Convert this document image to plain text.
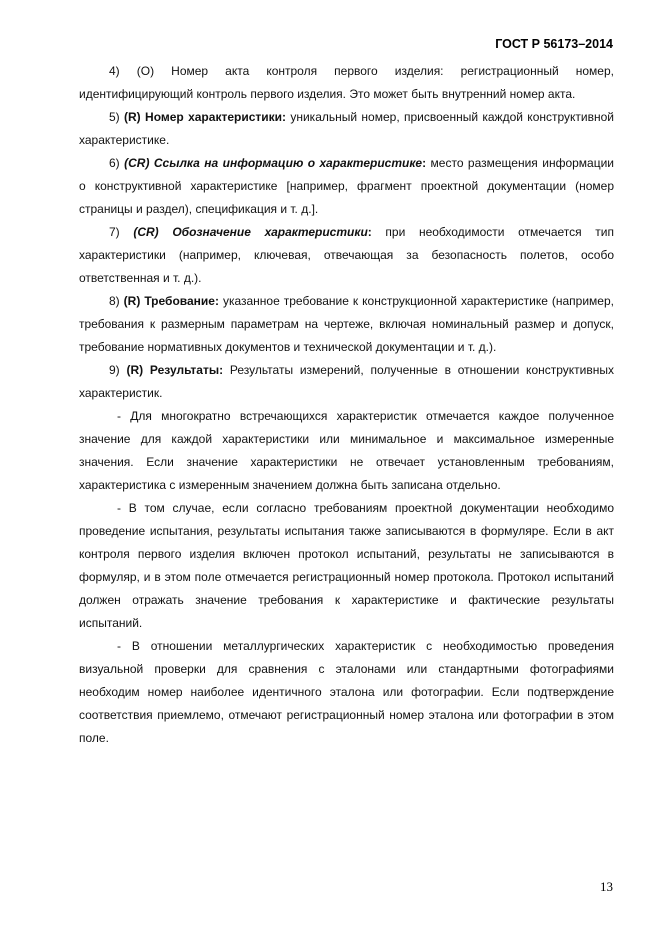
ГОСТ Р 56173–2014

4) (О) Номер акта контроля первого изделия: регистрационный номер, идентифицирующий контроль первого изделия. Это может быть внутренний номер акта.

5) (R) Номер характеристики: уникальный номер, присвоенный каждой конструктивной характеристике.

6) (CR) Ссылка на информацию о характеристике: место размещения информации о конструктивной характеристике [например, фрагмент проектной документации (номер страницы и раздел), спецификация и т. д.].

7) (CR) Обозначение характеристики: при необходимости отмечается тип характеристики (например, ключевая, отвечающая за безопасность полетов, особо ответственная и т. д.).

8) (R) Требование: указанное требование к конструкционной характеристике (например, требования к размерным параметрам на чертеже, включая номинальный размер и допуск, требование нормативных документов и технической документации и т. д.).

9) (R) Результаты: Результаты измерений, полученные в отношении конструктивных характеристик.

- Для многократно встречающихся характеристик отмечается каждое полученное значение для каждой характеристики или минимальное и максимальное измеренные значения. Если значение характеристики не отвечает установленным требованиям, характеристика с измеренным значением должна быть записана отдельно.

- В том случае, если согласно требованиям проектной документации необходимо проведение испытания, результаты испытания также записываются в формуляре. Если в акт контроля первого изделия включен протокол испытаний, результаты не записываются в формуляр, и в этом поле отмечается регистрационный номер протокола. Протокол испытаний должен отражать значение требования к характеристике и фактические результаты испытаний.

- В отношении металлургических характеристик с необходимостью проведения визуальной проверки для сравнения с эталонами или стандартными фотографиями необходим номер наиболее идентичного эталона или фотографии. Если подтверждение соответствия приемлемо, отмечают регистрационный номер эталона или фотографии в этом поле.

13
